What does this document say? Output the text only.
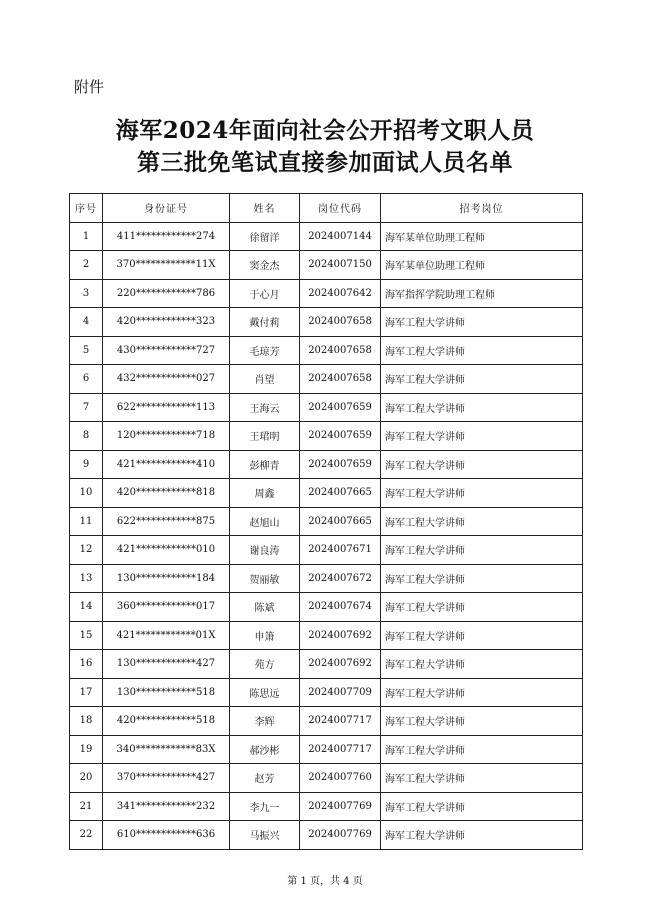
附件
海军2024年面向社会公开招考文职人员
第三批免笔试直接参加面试人员名单
序号	身份证号	姓名	岗位代码	招考岗位
1	411************274	徐留洋	2024007144	海军某单位助理工程师
2	370************11X	窦金杰	2024007150	海军某单位助理工程师
3	220************786	于心月	2024007642	海军指挥学院助理工程师
4	420************323	戴付莉	2024007658	海军工程大学讲师
5	430************727	毛琼芳	2024007658	海军工程大学讲师
6	432************027	肖望	2024007658	海军工程大学讲师
7	622************113	王海云	2024007659	海军工程大学讲师
8	120************718	王珺明	2024007659	海军工程大学讲师
9	421************410	彭柳青	2024007659	海军工程大学讲师
10	420************818	周鑫	2024007665	海军工程大学讲师
11	622************875	赵旭山	2024007665	海军工程大学讲师
12	421************010	谢良涛	2024007671	海军工程大学讲师
13	130************184	贺丽敏	2024007672	海军工程大学讲师
14	360************017	陈斌	2024007674	海军工程大学讲师
15	421************01X	申箫	2024007692	海军工程大学讲师
16	130************427	苑方	2024007692	海军工程大学讲师
17	130************518	陈思远	2024007709	海军工程大学讲师
18	420************518	李辉	2024007717	海军工程大学讲师
19	340************83X	郝沙彬	2024007717	海军工程大学讲师
20	370************427	赵芳	2024007760	海军工程大学讲师
21	341************232	李九一	2024007769	海军工程大学讲师
22	610************636	马振兴	2024007769	海军工程大学讲师
第 1 页，共 4 页
